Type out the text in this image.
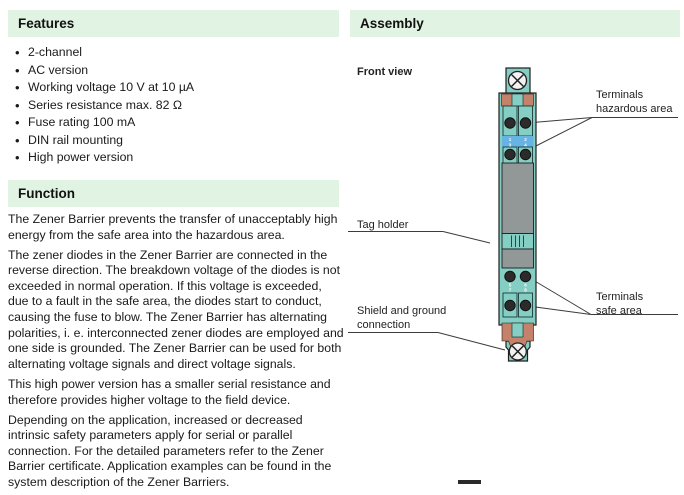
Features
Function
Assembly
• 2-channel
• AC version
• Working voltage 10 V at 10 µA
• Series resistance max. 82 Ω
• Fuse rating 100 mA
• DIN rail mounting
• High power version

The Zener Barrier prevents the transfer of unacceptably high energy from the safe area into the hazardous area.

The zener diodes in the Zener Barrier are connected in the reverse direction. The breakdown voltage of the diodes is not exceeded in normal operation. If this voltage is exceeded, due to a fault in the safe area, the diodes start to conduct, causing the fuse to blow. The Zener Barrier has alternating polarities, i. e. interconnected zener diodes are employed and one side is grounded. The Zener Barrier can be used for both alternating voltage signals and direct voltage signals.

This high power version has a smaller serial resistance and therefore provides higher voltage to the field device.

Depending on the application, increased or decreased intrinsic safety parameters apply for serial or parallel connection. For the detailed parameters refer to the Zener Barrier certificate. Application examples can be found in the system description of the Zener Barriers.

Front view
Terminals
hazardous area
Tag holder
Terminals
safe area
Shield and ground
connection
1	2
3	4
5	6
7	8
